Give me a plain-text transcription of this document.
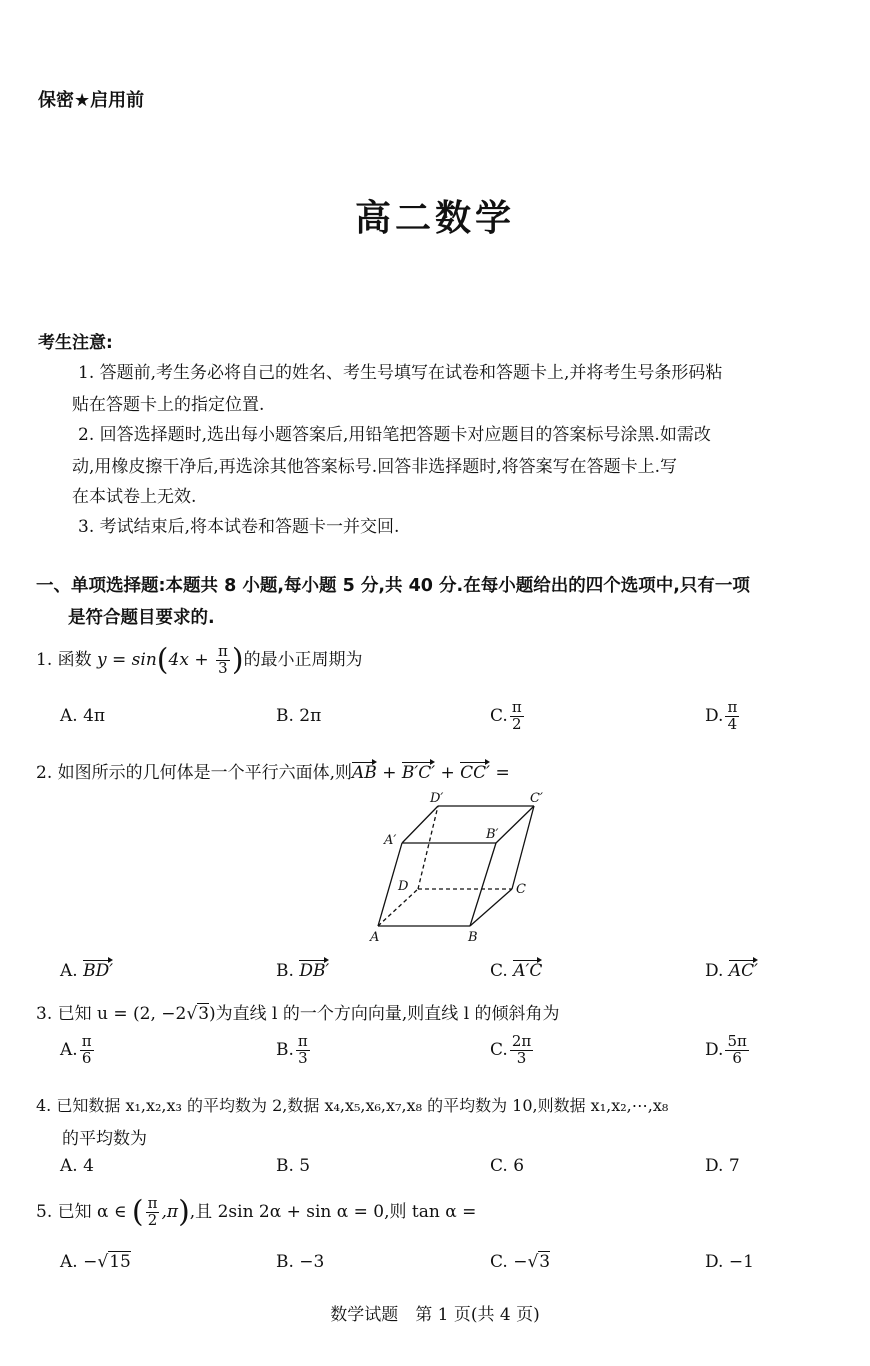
保密★启用前
高二数学
考生注意:
1. 答题前,考生务必将自己的姓名、考生号填写在试卷和答题卡上,并将考生号条形码粘
贴在答题卡上的指定位置.
2. 回答选择题时,选出每小题答案后,用铅笔把答题卡对应题目的答案标号涂黑.如需改
动,用橡皮擦干净后,再选涂其他答案标号.回答非选择题时,将答案写在答题卡上.写
在本试卷上无效.
3. 考试结束后,将本试卷和答题卡一并交回.
一、单项选择题:本题共 8 小题,每小题 5 分,共 40 分.在每小题给出的四个选项中,只有一项
是符合题目要求的.
1. 函数 $y = \sin(4x + \frac{\pi}{3}$ )的最小正周期为
A. 4π	B. 2π	C. $\frac{\pi}{2}$	D. $\frac{\pi}{4}$
2. 如图所示的几何体是一个平行六面体,则AB + B′C′ + CC′ =
A	B
C
D
A′	B′
C′
D′
A. BD′	B. DB′	C. A′C	D. AC′
3. 已知 u = (2, −2√3)为直线 l 的一个方向向量,则直线 l 的倾斜角为
A. $\frac{\pi}{6}$	B. $\frac{\pi}{3}$	C. $\frac{2\pi}{3}$	D. $\frac{5\pi}{6}$
4. 已知数据 x₁,x₂,x₃ 的平均数为 2,数据 x₄,x₅,x₆,x₇,x₈ 的平均数为 10,则数据 x₁,x₂,⋯,x₈
的平均数为
A. 4	B. 5	C. 6	D. 7
5. 已知 α ∈ ( $\frac{\pi}{2} ,\pi$),且 2sin 2α + sin α = 0,则 tan α =
A. −√15	B. −3	C. −√3	D. −1
数学试题　第 1 页(共 4 页)
